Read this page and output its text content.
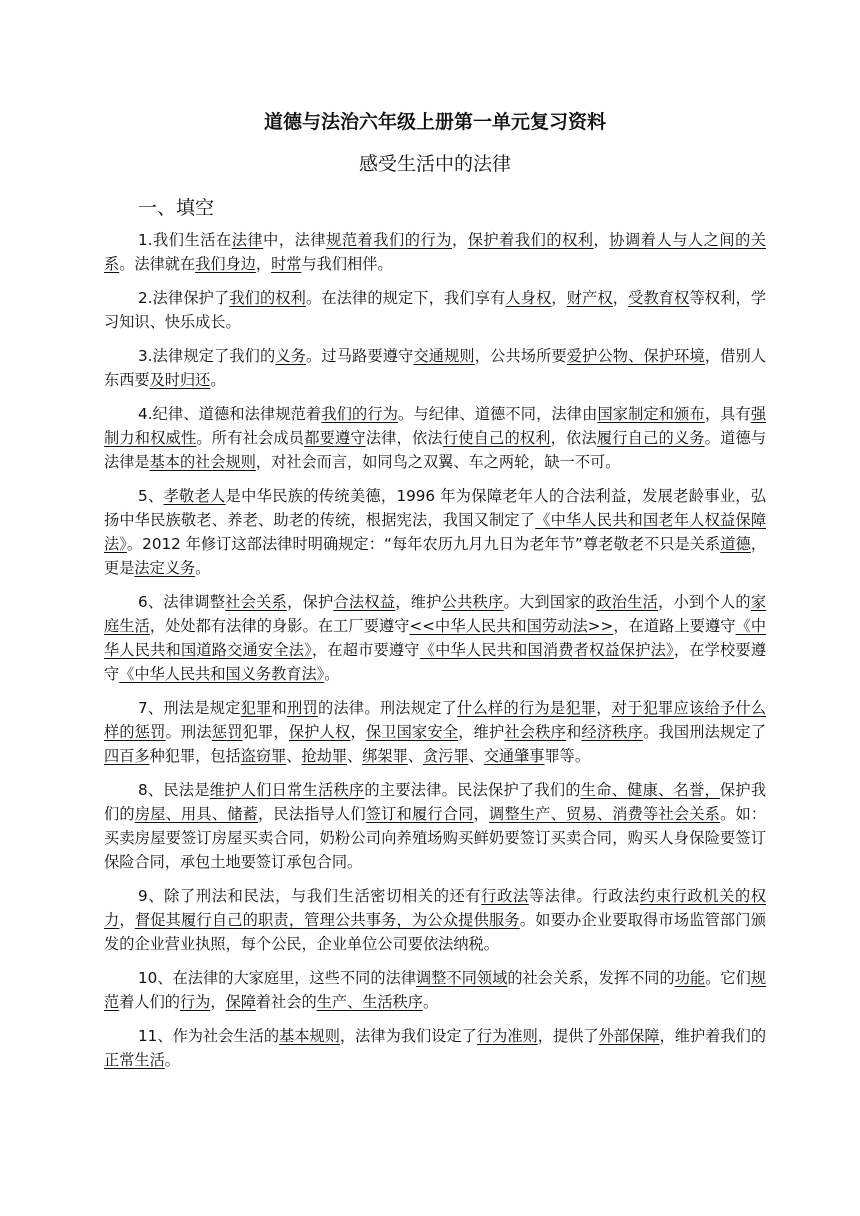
道德与法治六年级上册第一单元复习资料
感受生活中的法律
一、填空

1.我们生活在法律中，法律规范着我们的行为，保护着我们的权利，协调着人与人之间的关系。法律就在我们身边，时常与我们相伴。

2.法律保护了我们的权利。在法律的规定下，我们享有人身权，财产权，受教育权等权利，学习知识、快乐成长。

3.法律规定了我们的义务。过马路要遵守交通规则，公共场所要爱护公物、保护环境，借别人东西要及时归还。

4.纪律、道德和法律规范着我们的行为。与纪律、道德不同，法律由国家制定和颁布，具有强制力和权威性。所有社会成员都要遵守法律，依法行使自己的权利，依法履行自己的义务。道德与法律是基本的社会规则，对社会而言，如同鸟之双翼、车之两轮，缺一不可。

5、孝敬老人是中华民族的传统美德，1996 年为保障老年人的合法利益，发展老龄事业，弘扬中华民族敬老、养老、助老的传统，根据宪法，我国又制定了《中华人民共和国老年人权益保障法》。2012 年修订这部法律时明确规定：“每年农历九月九日为老年节”尊老敬老不只是关系道德，更是法定义务。

6、法律调整社会关系，保护合法权益，维护公共秩序。大到国家的政治生活，小到个人的家庭生活，处处都有法律的身影。在工厂要遵守<<中华人民共和国劳动法>>，在道路上要遵守《中华人民共和国道路交通安全法》，在超市要遵守《中华人民共和国消费者权益保护法》，在学校要遵守《中华人民共和国义务教育法》。

7、刑法是规定犯罪和刑罚的法律。刑法规定了什么样的行为是犯罪，对于犯罪应该给予什么样的惩罚。刑法惩罚犯罪，保护人权，保卫国家安全，维护社会秩序和经济秩序。我国刑法规定了四百多种犯罪，包括盗窃罪、抢劫罪、绑架罪、贪污罪、交通肇事罪等。

8、民法是维护人们日常生活秩序的主要法律。民法保护了我们的生命、健康、名誉，保护我们的房屋、用具、储蓄，民法指导人们签订和履行合同，调整生产、贸易、消费等社会关系。如：买卖房屋要签订房屋买卖合同，奶粉公司向养殖场购买鲜奶要签订买卖合同，购买人身保险要签订保险合同，承包土地要签订承包合同。

9、除了刑法和民法，与我们生活密切相关的还有行政法等法律。行政法约束行政机关的权力，督促其履行自己的职责，管理公共事务，为公众提供服务。如要办企业要取得市场监管部门颁发的企业营业执照，每个公民，企业单位公司要依法纳税。

10、在法律的大家庭里，这些不同的法律调整不同领域的社会关系，发挥不同的功能。它们规范着人们的行为，保障着社会的生产、生活秩序。

11、作为社会生活的基本规则，法律为我们设定了行为准则，提供了外部保障，维护着我们的正常生活。
